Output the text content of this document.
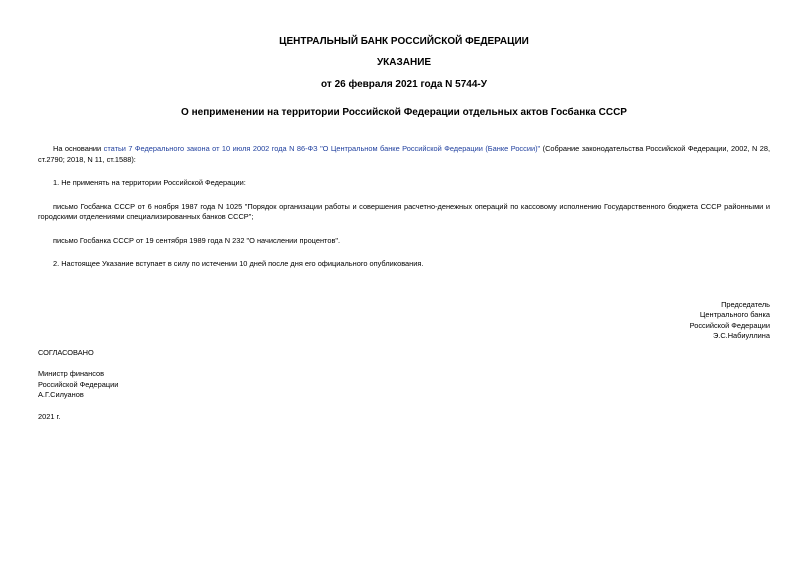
ЦЕНТРАЛЬНЫЙ БАНК РОССИЙСКОЙ ФЕДЕРАЦИИ
УКАЗАНИЕ
от 26 февраля 2021 года N 5744-У
О неприменении на территории Российской Федерации отдельных актов Госбанка СССР
На основании статьи 7 Федерального закона от 10 июля 2002 года N 86-ФЗ "О Центральном банке Российской Федерации (Банке России)" (Собрание законодательства Российской Федерации, 2002, N 28, ст.2790; 2018, N 11, ст.1588):
1. Не применять на территории Российской Федерации:
письмо Госбанка СССР от 6 ноября 1987 года N 1025 "Порядок организации работы и совершения расчетно-денежных операций по кассовому исполнению Государственного бюджета СССР районными и городскими отделениями специализированных банков СССР";
письмо Госбанка СССР от 19 сентября 1989 года N 232 "О начислении процентов".
2. Настоящее Указание вступает в силу по истечении 10 дней после дня его официального опубликования.
Председатель
Центрального банка
Российской Федерации
Э.С.Набиуллина
СОГЛАСОВАНО
Министр финансов
Российской Федерации
А.Г.Силуанов
2021 г.
